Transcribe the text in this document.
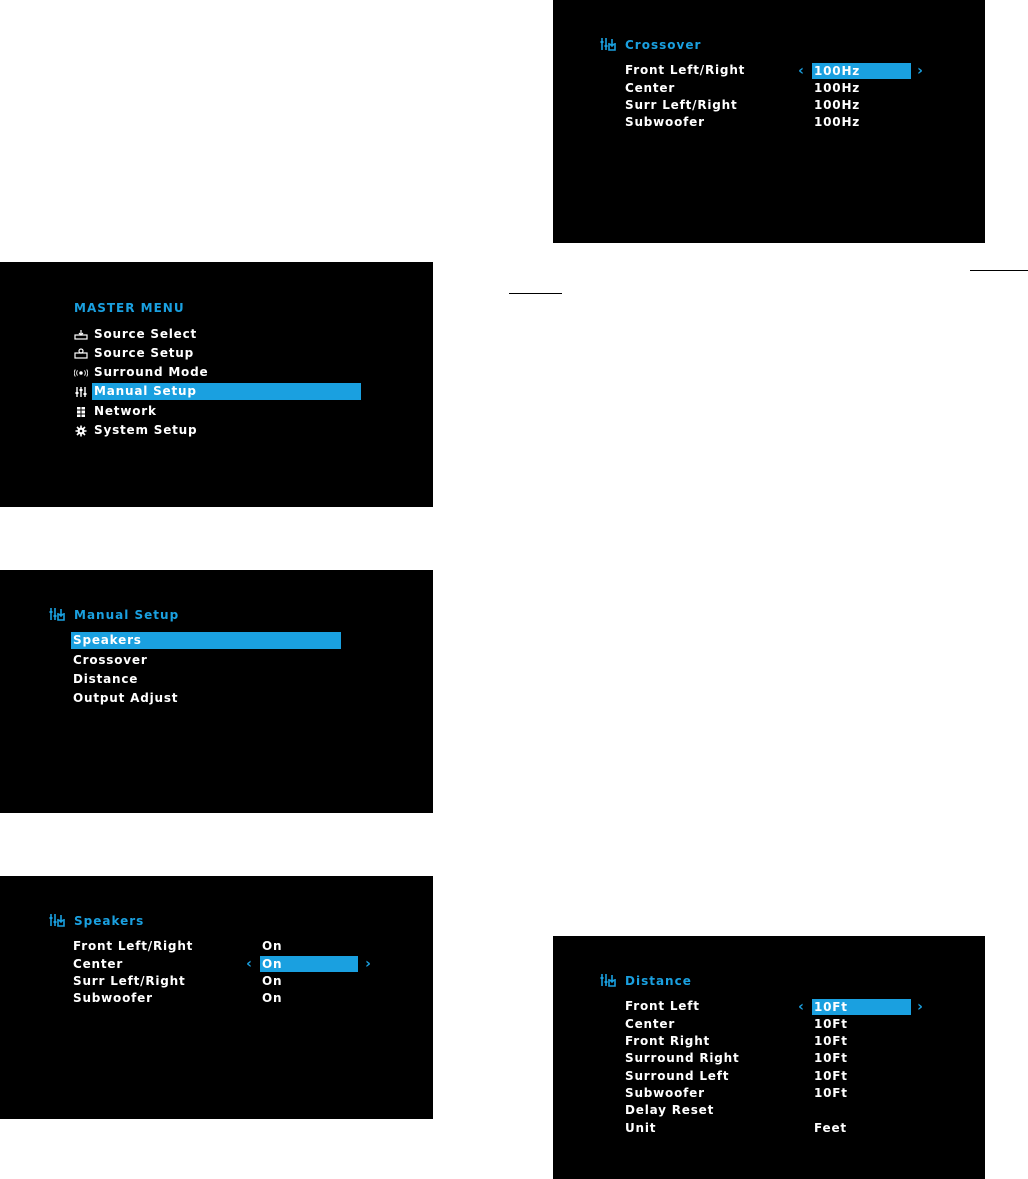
MASTER MENU
Source Select
Source Setup
Surround Mode
Manual Setup
Network
System Setup
Manual Setup
Speakers
Crossover
Distance
Output Adjust
Speakers
Front Left/Right	On
Center	‹ On	›
Surr Left/Right	On
Subwoofer	On
Crossover
Front Left/Right	‹ 100Hz	›
Center	100Hz
Surr Left/Right	100Hz
Subwoofer	100Hz
Distance
Front Left	‹ 10Ft	›
Center	10Ft
Front Right	10Ft
Surround Right	10Ft
Surround Left	10Ft
Subwoofer	10Ft
Delay Reset
Unit	Feet
